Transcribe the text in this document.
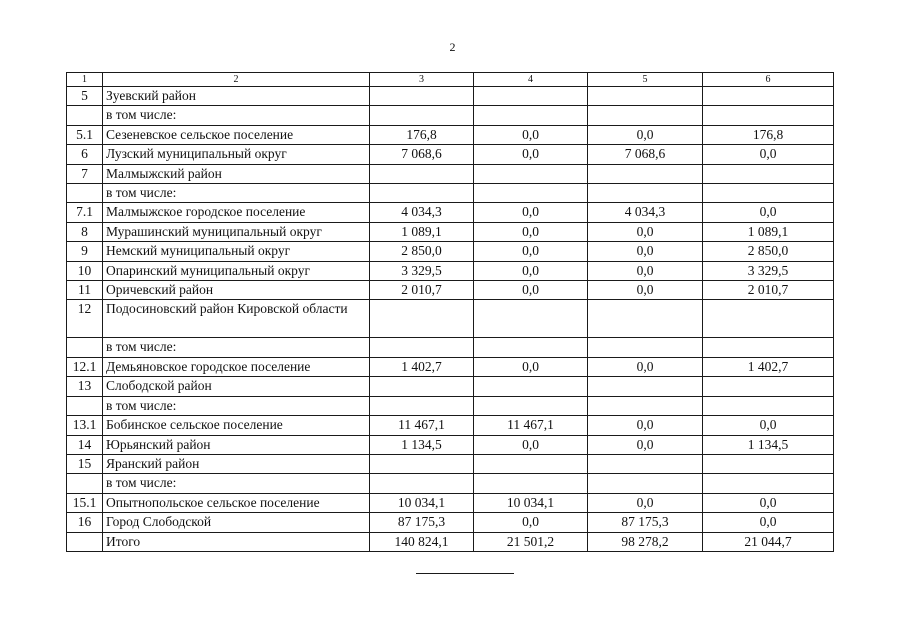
2
1	2	3	4	5	6
5	Зуевский район				
	в том числе:				
5.1	Сезеневское сельское поселение	176,8	0,0	0,0	176,8
6	Лузский муниципальный округ	7 068,6	0,0	7 068,6	0,0
7	Малмыжский район				
	в том числе:				
7.1	Малмыжское городское поселение	4 034,3	0,0	4 034,3	0,0
8	Мурашинский муниципальный округ	1 089,1	0,0	0,0	1 089,1
9	Немский муниципальный округ	2 850,0	0,0	0,0	2 850,0
10	Опаринский муниципальный округ	3 329,5	0,0	0,0	3 329,5
11	Оричевский район	2 010,7	0,0	0,0	2 010,7
12	Подосиновский район Кировской области				
	в том числе:				
12.1	Демьяновское городское поселение	1 402,7	0,0	0,0	1 402,7
13	Слободской район				
	в том числе:				
13.1	Бобинское сельское поселение	11 467,1	11 467,1	0,0	0,0
14	Юрьянский район	1 134,5	0,0	0,0	1 134,5
15	Яранский район				
	в том числе:				
15.1	Опытнопольское сельское поселение	10 034,1	10 034,1	0,0	0,0
16	Город Слободской	87 175,3	0,0	87 175,3	0,0
	Итого	140 824,1	21 501,2	98 278,2	21 044,7
